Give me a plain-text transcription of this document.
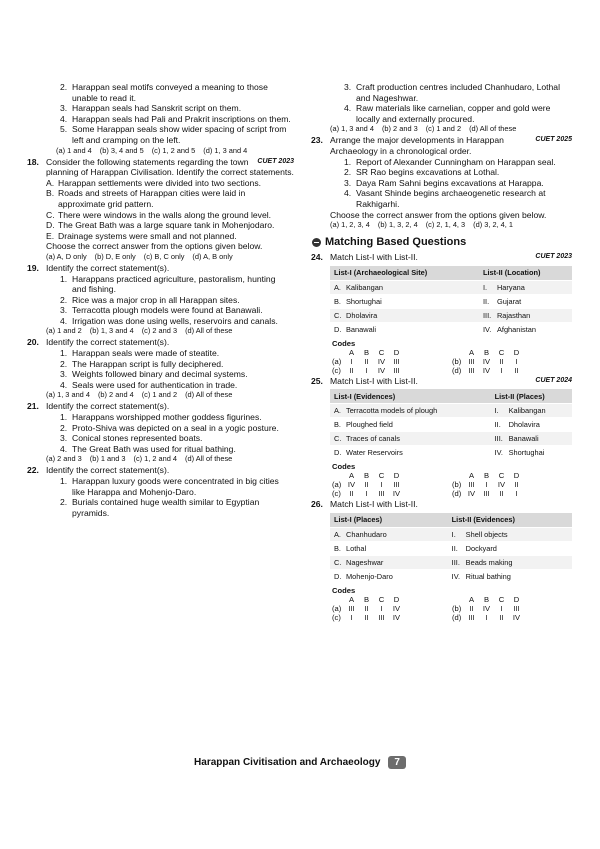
2. Harappan seal motifs conveyed a meaning to those unable to read it.
3. Harappan seals had Sanskrit script on them.
4. Harappan seals had Pali and Prakrit inscriptions on them.
5. Some Harappan seals show wider spacing of script from left and cramping on the left.
(a) 1 and 4 (b) 3, 4 and 5 (c) 1, 2 and 5 (d) 1, 3 and 4
18.	CUET 2023
Consider the following statements regarding the town planning of Harappan Civilisation. Identify the correct statements.
A. Harappan settlements were divided into two sections.
B. Roads and streets of Harappan cities were laid in approximate grid pattern.
C. There were windows in the walls along the ground level.
D. The Great Bath was a large square tank in Mohenjodaro.
E. Drainage systems were small and not planned.
Choose the correct answer from the options given below.
(a) A, D only (b) D, E only (c) B, C only (d) A, B only
19. Identify the correct statement(s).
1. Harappans practiced agriculture, pastoralism, hunting and fishing.
2. Rice was a major crop in all Harappan sites.
3. Terracotta plough models were found at Banawali.
4. Irrigation was done using wells, reservoirs and canals.
(a) 1 and 2 (b) 1, 3 and 4 (c) 2 and 3 (d) All of these
20. Identify the correct statement(s).
1. Harappan seals were made of steatite.
2. The Harappan script is fully deciphered.
3. Weights followed binary and decimal systems.
4. Seals were used for authentication in trade.
(a) 1, 3 and 4 (b) 2 and 4 (c) 1 and 2 (d) All of these
21. Identify the correct statement(s).
1. Harappans worshipped mother goddess figurines.
2. Proto-Shiva was depicted on a seal in a yogic posture.
3. Conical stones represented boats.
4. The Great Bath was used for ritual bathing.
(a) 2 and 3 (b) 1 and 3 (c) 1, 2 and 4 (d) All of these
22. Identify the correct statement(s).
1. Harappan luxury goods were concentrated in big cities like Harappa and Mohenjo-Daro.
2. Burials contained huge wealth similar to Egyptian pyramids.
3. Craft production centres included Chanhudaro, Lothal and Nageshwar.
4. Raw materials like carnelian, copper and gold were locally and externally procured.
(a) 1, 3 and 4 (b) 2 and 3 (c) 1 and 2 (d) All of these
23.	CUET 2025
Arrange the major developments in Harappan Archaeology in a chronological order.
1. Report of Alexander Cunningham on Harappan seal.
2. SR Rao begins excavations at Lothal.
3. Daya Ram Sahni begins excavations at Harappa.
4. Vasant Shinde begins archaeogenetic research at Rakhigarhi.
Choose the correct answer from the options given below.
(a) 1, 2, 3, 4 (b) 1, 3, 2, 4 (c) 2, 1, 4, 3 (d) 3, 2, 4, 1
Matching Based Questions
24.	CUET 2023
Match List-I with List-II.
List-I (Archaeological Site)		List-II (Location)	
A.	Kalibangan	I.	Haryana
B.	Shortughai	II.	Gujarat
C.	Dholavira	III.	Rajasthan
D.	Banawali	IV.	Afghanistan
Codes
A	B	C	D
(a)	I	II	IV	III
(c)	II	I	IV	III
A	B	C	D
(b) III	IV	II	I
(d) III	IV	I	II
25.	CUET 2024
Match List-I with List-II.
List-I (Evidences)		List-II (Places)	
A.	Terracotta models of plough	I.	Kalibangan
B.	Ploughed field	II.	Dholavira
C.	Traces of canals	III.	Banawali
D.	Water Reservoirs	IV.	Shortughai
Codes
A	B	C	D
(a) IV	II	I	III
(c)	II	I	III	IV
A	B	C	D
(b) III	I	IV	II
(d) IV	III	II	I
26. Match List-I with List-II.
List-I (Places)		List-II (Evidences)	
A.	Chanhudaro	I.	Shell objects
B.	Lothal	II.	Dockyard
C.	Nageshwar	III.	Beads making
D.	Mohenjo-Daro	IV.	Ritual bathing
Codes
A	B	C	D
(a) III	II	I	IV
(c)	I	II	III	IV
A	B	C	D
(b)	II	IV	I	III
(d) III	I	II	IV
Harappan Civitisation and Archaeology	7
